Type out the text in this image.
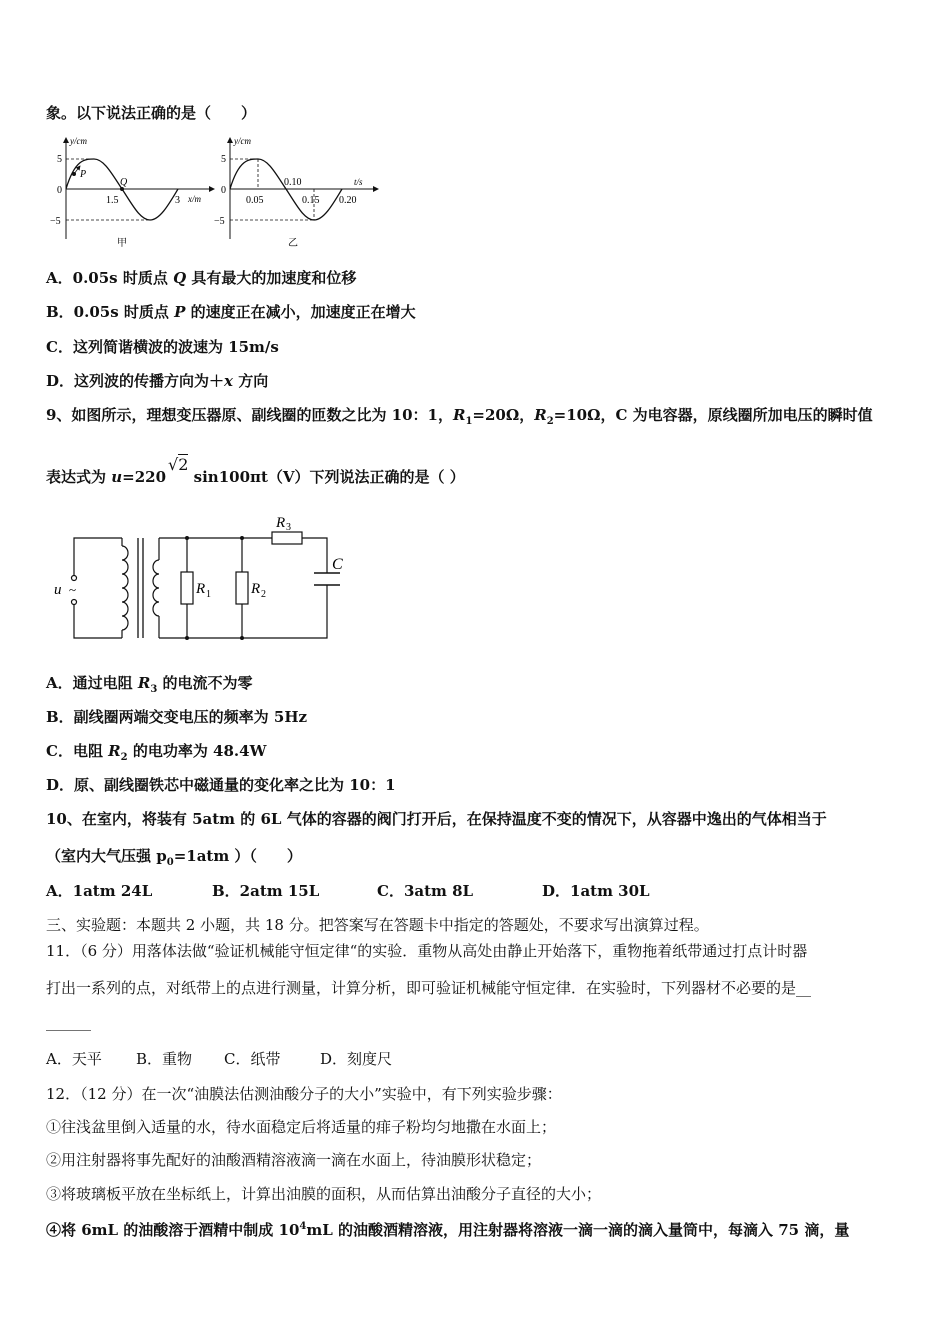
象。以下说法正确的是（　　）
y/cm
5
−5
0
P
Q
1.5	3 x/m
甲
y/cm
5
−5
0
0.05
0.10
0.15 0.20
t/s
乙
A．0.05s 时质点 Q 具有最大的加速度和位移
B．0.05s 时质点 P 的速度正在减小，加速度正在增大
C．这列简谐横波的波速为 15m/s
D．这列波的传播方向为＋x 方向
9、如图所示，理想变压器原、副线圈的匝数之比为 10：1，$R_1=20\Omega$，$R_2=10\Omega$，C 为电容器，原线圈所加电压的瞬时值
表达式为 u=220√2 sin100πt（V）下列说法正确的是（ ）
u ~	R 1	R 2
R 3
C
A．通过电阻 $R_3$ 的电流不为零
B．副线圈两端交变电压的频率为 5Hz
C．电阻 $R_2$ 的电功率为 48.4W
D．原、副线圈铁芯中磁通量的变化率之比为 10：1
10、在室内，将装有 5atm 的 6L 气体的容器的阀门打开后，在保持温度不变的情况下，从容器中逸出的气体相当于
（室内大气压强 $p_0=1atm$ ）（　　）
A．1atm 24L	B．2atm 15L	C．3atm 8L	D．1atm 30L
三、实验题：本题共 2 小题，共 18 分。把答案写在答题卡中指定的答题处，不要求写出演算过程。
11．（6 分）用落体法做“验证机械能守恒定律“的实验．重物从高处由静止开始落下，重物拖着纸带通过打点计时器
打出一系列的点，对纸带上的点进行测量，计算分析，即可验证机械能守恒定律．在实验时，下列器材不必要的是__
______
A．天平 B．重物 C．纸带	D．刻度尺
12．（12 分）在一次“油膜法估测油酸分子的大小”实验中，有下列实验步骤：
①往浅盆里倒入适量的水，待水面稳定后将适量的痱子粉均匀地撒在水面上；
②用注射器将事先配好的油酸酒精溶液滴一滴在水面上，待油膜形状稳定；
③将玻璃板平放在坐标纸上，计算出油膜的面积，从而估算出油酸分子直径的大小；
④将 6mL 的油酸溶于酒精中制成 $10^4mL$ 的油酸酒精溶液，用注射器将溶液一滴一滴的滴入量筒中，每滴入 75 滴，量
